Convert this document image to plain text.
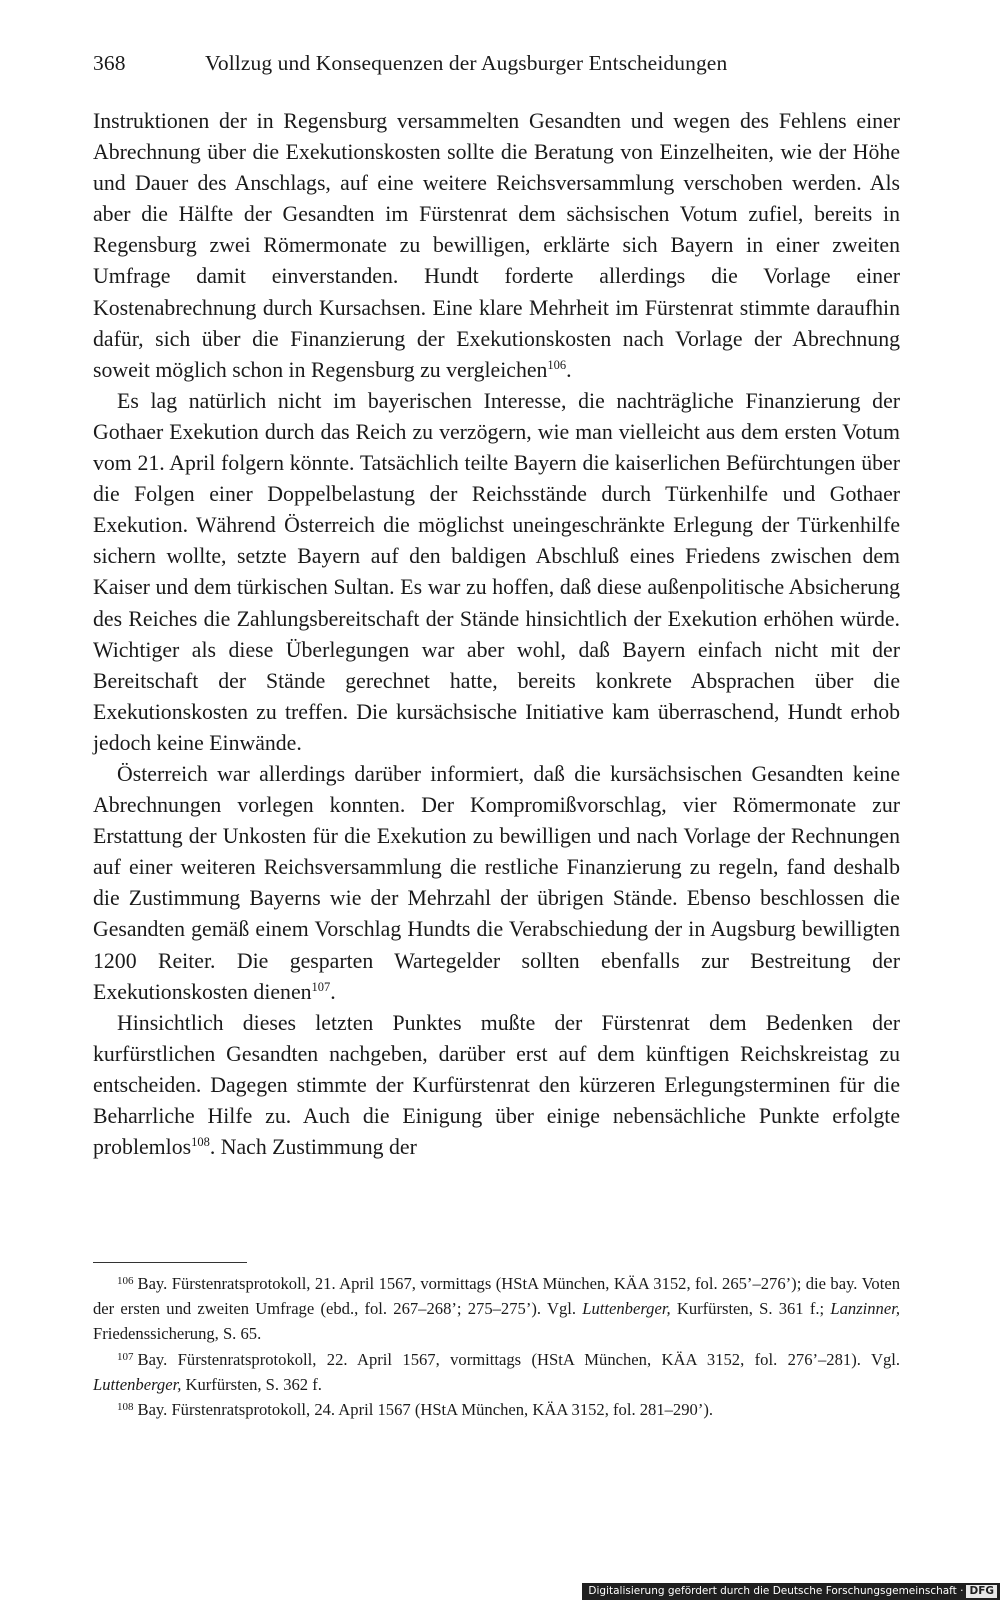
368	Vollzug und Konsequenzen der Augsburger Entscheidungen

Instruktionen der in Regensburg versammelten Gesandten und wegen des Fehlens einer Abrechnung über die Exekutionskosten sollte die Beratung von Einzelheiten, wie der Höhe und Dauer des Anschlags, auf eine weitere Reichsversammlung verschoben werden. Als aber die Hälfte der Gesandten im Fürstenrat dem sächsischen Votum zufiel, bereits in Regensburg zwei Römermonate zu bewilligen, erklärte sich Bayern in einer zweiten Umfrage damit einverstanden. Hundt forderte allerdings die Vorlage einer Kostenabrechnung durch Kursachsen. Eine klare Mehrheit im Fürstenrat stimmte daraufhin dafür, sich über die Finanzierung der Exekutionskosten nach Vorlage der Abrechnung soweit möglich schon in Regensburg zu vergleichen$^{106}$.

Es lag natürlich nicht im bayerischen Interesse, die nachträgliche Finanzierung der Gothaer Exekution durch das Reich zu verzögern, wie man vielleicht aus dem ersten Votum vom 21. April folgern könnte. Tatsächlich teilte Bayern die kaiserlichen Befürchtungen über die Folgen einer Doppelbelastung der Reichsstände durch Türkenhilfe und Gothaer Exekution. Während Österreich die möglichst uneingeschränkte Erlegung der Türkenhilfe sichern wollte, setzte Bayern auf den baldigen Abschluß eines Friedens zwischen dem Kaiser und dem türkischen Sultan. Es war zu hoffen, daß diese außenpolitische Absicherung des Reiches die Zahlungsbereitschaft der Stände hinsichtlich der Exekution erhöhen würde. Wichtiger als diese Überlegungen war aber wohl, daß Bayern einfach nicht mit der Bereitschaft der Stände gerechnet hatte, bereits konkrete Absprachen über die Exekutionskosten zu treffen. Die kursächsische Initiative kam überraschend, Hundt erhob jedoch keine Einwände.

Österreich war allerdings darüber informiert, daß die kursächsischen Gesandten keine Abrechnungen vorlegen konnten. Der Kompromißvorschlag, vier Römermonate zur Erstattung der Unkosten für die Exekution zu bewilligen und nach Vorlage der Rechnungen auf einer weiteren Reichsversammlung die restliche Finanzierung zu regeln, fand deshalb die Zustimmung Bayerns wie der Mehrzahl der übrigen Stände. Ebenso beschlossen die Gesandten gemäß einem Vorschlag Hundts die Verabschiedung der in Augsburg bewilligten 1200 Reiter. Die gesparten Wartegelder sollten ebenfalls zur Bestreitung der Exekutionskosten dienen$^{107}$.

Hinsichtlich dieses letzten Punktes mußte der Fürstenrat dem Bedenken der kurfürstlichen Gesandten nachgeben, darüber erst auf dem künftigen Reichskreistag zu entscheiden. Dagegen stimmte der Kurfürstenrat den kürzeren Erlegungsterminen für die Beharrliche Hilfe zu. Auch die Einigung über einige nebensächliche Punkte erfolgte problemlos$^{108}$. Nach Zustimmung der

$^{106}$ Bay. Fürstenratsprotokoll, 21. April 1567, vormittags (HStA München, KÄA 3152, fol. 265’–276’); die bay. Voten der ersten und zweiten Umfrage (ebd., fol. 267–268’; 275–275’). Vgl. Luttenberger, Kurfürsten, S. 361 f.; Lanzinner, Friedenssicherung, S. 65.

$^{107}$ Bay. Fürstenratsprotokoll, 22. April 1567, vormittags (HStA München, KÄA 3152, fol. 276’–281). Vgl. Luttenberger, Kurfürsten, S. 362 f.

$^{108}$ Bay. Fürstenratsprotokoll, 24. April 1567 (HStA München, KÄA 3152, fol. 281–290’).

Digitalisierung gefördert durch die Deutsche Forschungsgemeinschaft · DFG
